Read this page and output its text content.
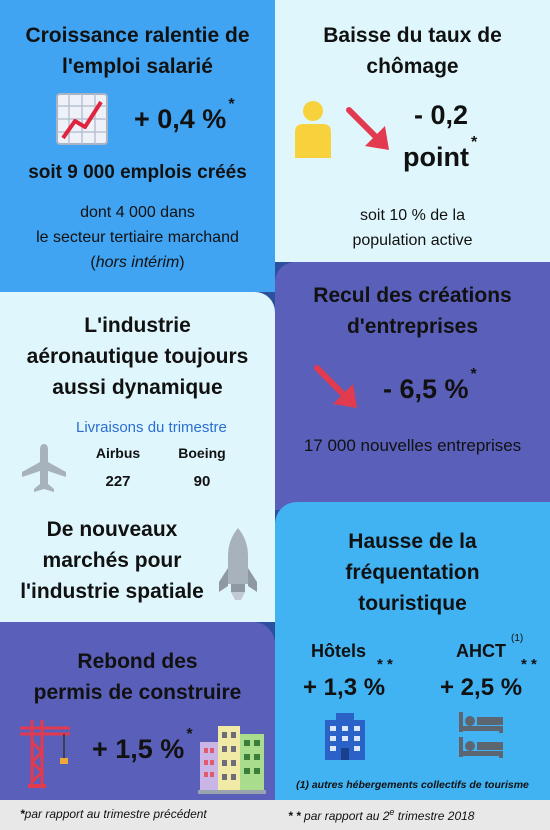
Croissance ralentie de
l'emploi salarié
+ 0,4 % *
soit 9 000 emplois créés
dont 4 000 dans
le secteur tertiaire marchand
(hors intérim)
Baisse du taux de
chômage
- 0,2
point *
soit 10 % de la
population active
Recul des créations
d'entreprises
- 6,5 % *
17 000 nouvelles entreprises
L'industrie
aéronautique toujours
aussi dynamique
Livraisons du trimestre
Airbus	Boeing
227	90
De nouveaux
marchés pour
l'industrie spatiale
Hausse de la
fréquentation
touristique
Hôtels
* *
+ 1,3 %
AHCT
(1)
* *
+ 2,5 %
(1) autres hébergements collectifs de tourisme
Rebond des
permis de construire
+ 1,5 % *
*par rapport au trimestre précédent	* * par rapport au 2e trimestre 2018
